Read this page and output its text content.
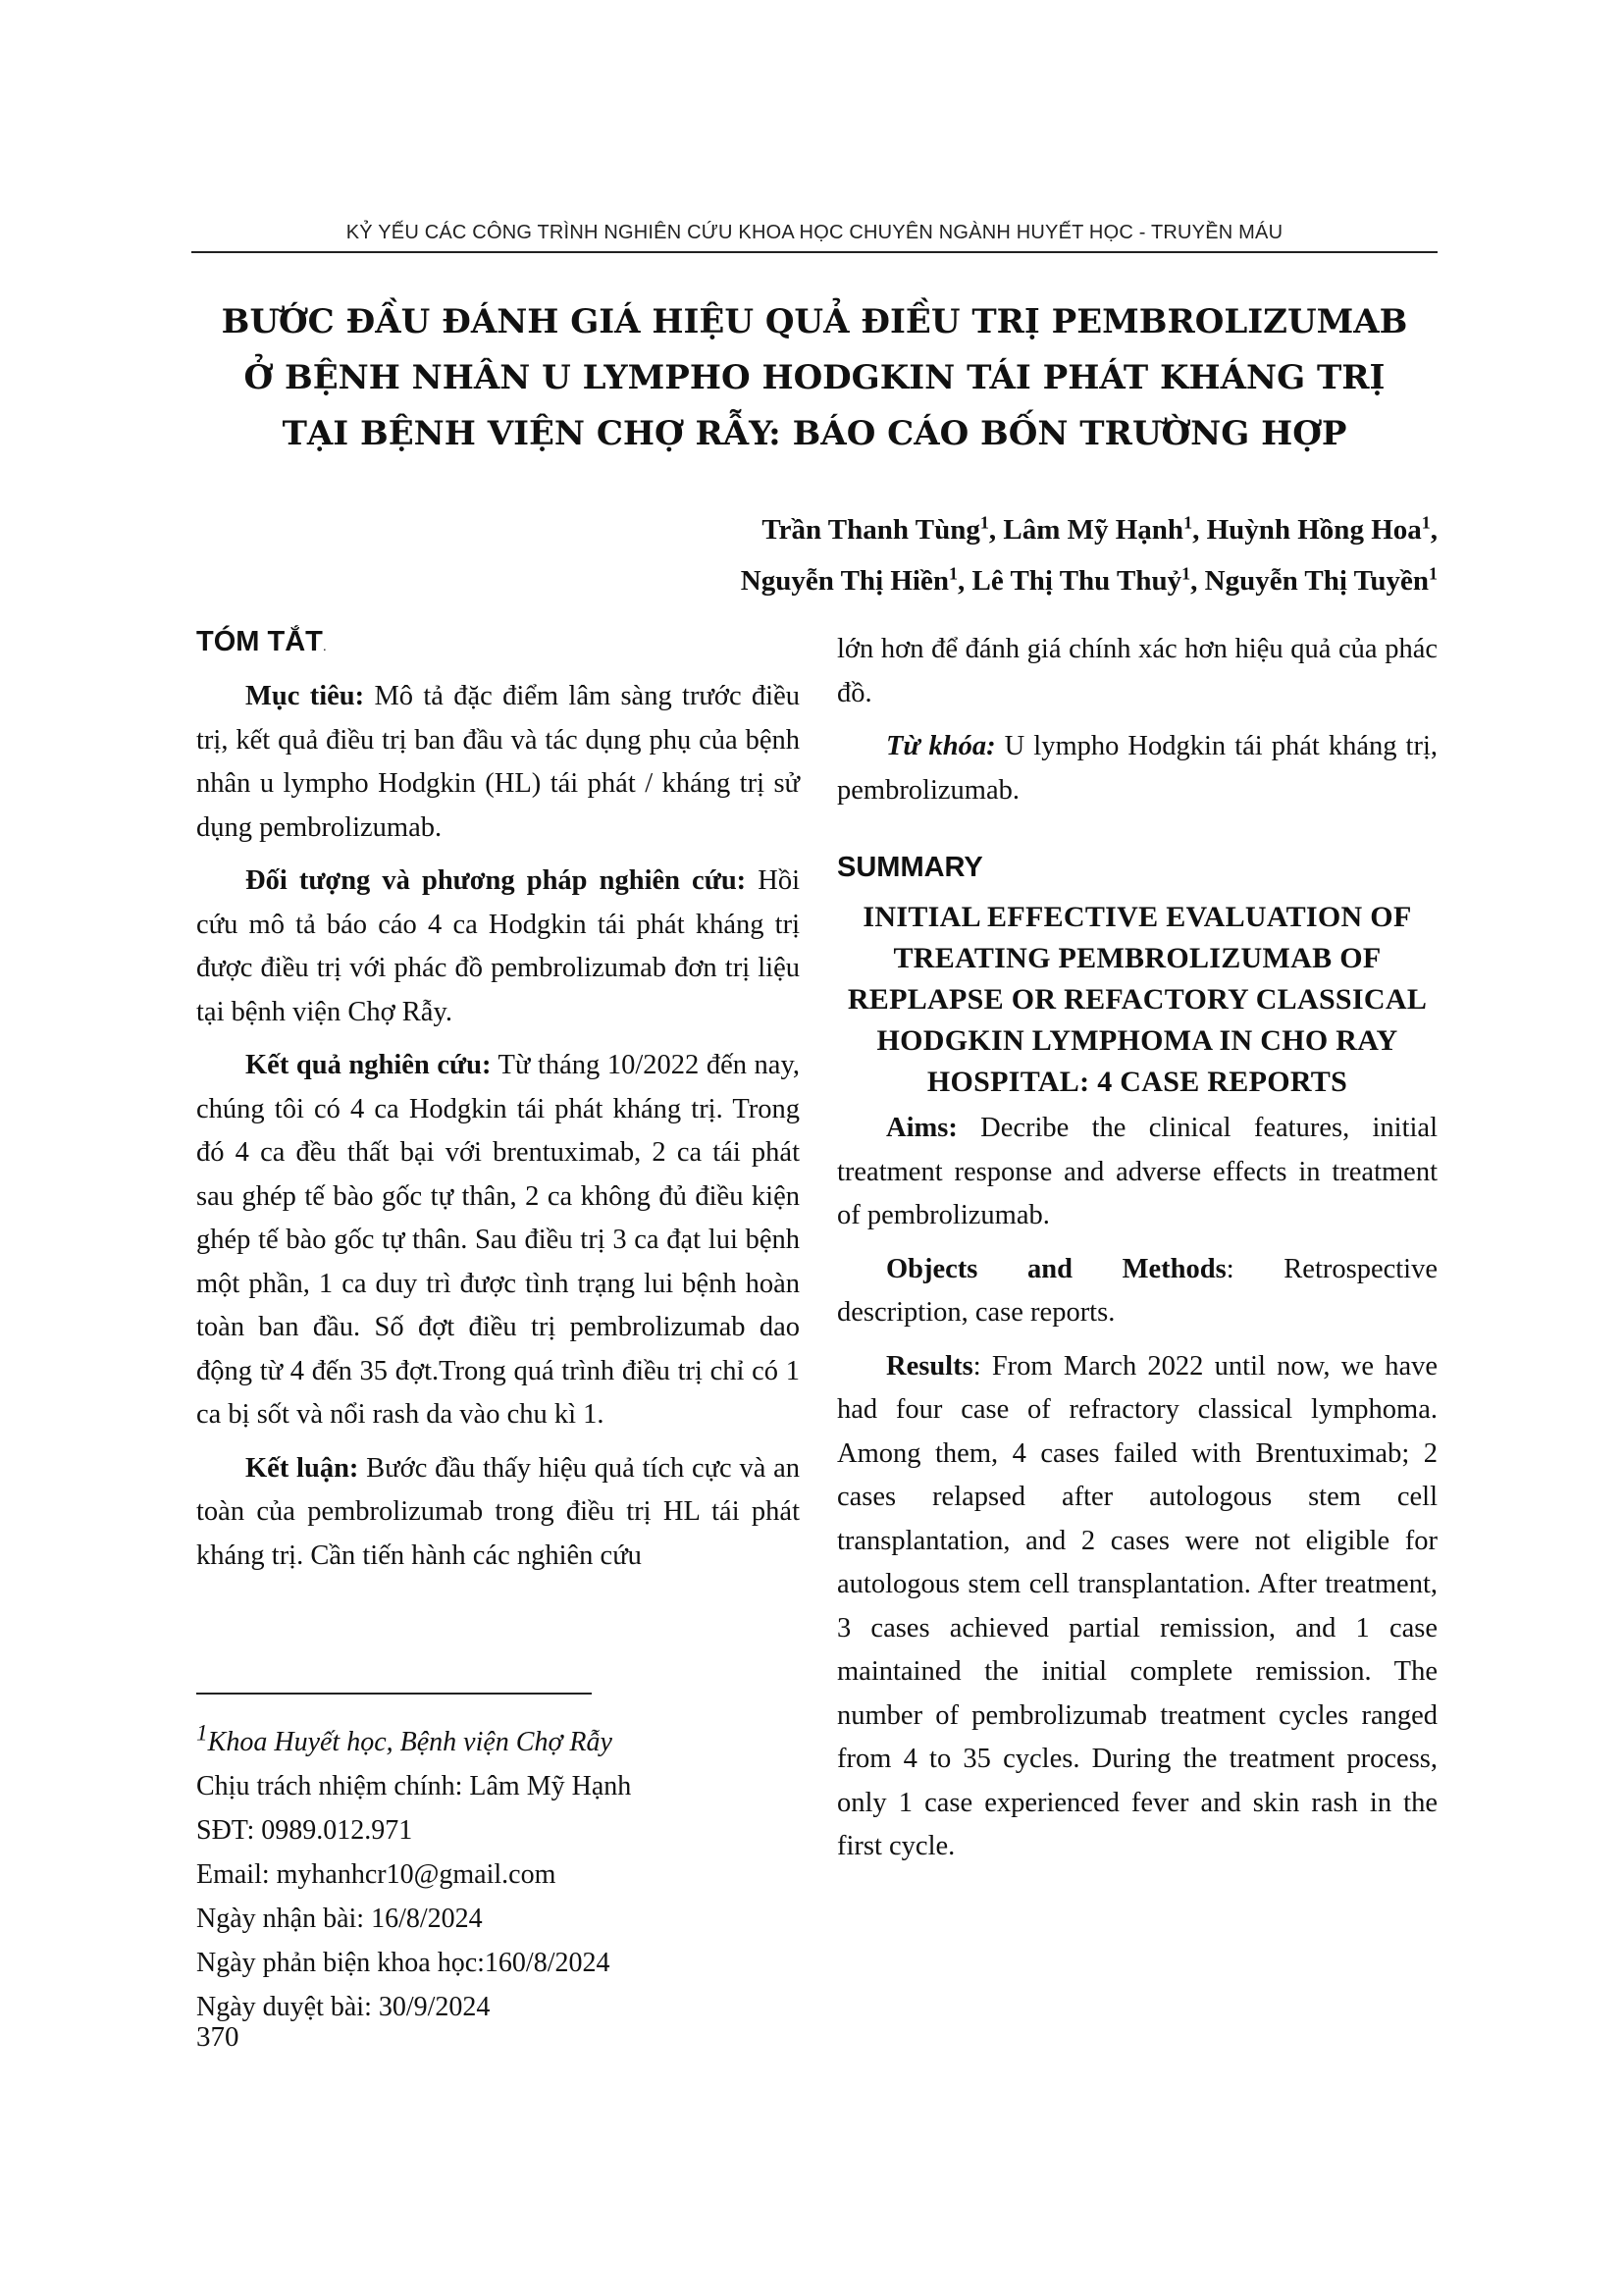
KỶ YẾU CÁC CÔNG TRÌNH NGHIÊN CỨU KHOA HỌC CHUYÊN NGÀNH HUYẾT HỌC - TRUYỀN MÁU
BƯỚC ĐẦU ĐÁNH GIÁ HIỆU QUẢ ĐIỀU TRỊ PEMBROLIZUMAB
Ở BỆNH NHÂN U LYMPHO HODGKIN TÁI PHÁT KHÁNG TRỊ
TẠI BỆNH VIỆN CHỢ RẪY: BÁO CÁO BỐN TRƯỜNG HỢP
Trần Thanh Tùng$^1$, Lâm Mỹ Hạnh$^1$, Huỳnh Hồng Hoa$^1$,
Nguyễn Thị Hiền$^1$, Lê Thị Thu Thuỷ$^1$, Nguyễn Thị Tuyền$^1$
TÓM TẮT.

Mục tiêu: Mô tả đặc điểm lâm sàng trước điều trị, kết quả điều trị ban đầu và tác dụng phụ của bệnh nhân u lympho Hodgkin (HL) tái phát / kháng trị sử dụng pembrolizumab.

Đối tượng và phương pháp nghiên cứu: Hồi cứu mô tả báo cáo 4 ca Hodgkin tái phát kháng trị được điều trị với phác đồ pembrolizumab đơn trị liệu tại bệnh viện Chợ Rẫy.

Kết quả nghiên cứu: Từ tháng 10/2022 đến nay, chúng tôi có 4 ca Hodgkin tái phát kháng trị. Trong đó 4 ca đều thất bại với brentuximab, 2 ca tái phát sau ghép tế bào gốc tự thân, 2 ca không đủ điều kiện ghép tế bào gốc tự thân. Sau điều trị 3 ca đạt lui bệnh một phần, 1 ca duy trì được tình trạng lui bệnh hoàn toàn ban đầu. Số đợt điều trị pembrolizumab dao động từ 4 đến 35 đợt.Trong quá trình điều trị chỉ có 1 ca bị sốt và nổi rash da vào chu kì 1.

Kết luận: Bước đầu thấy hiệu quả tích cực và an toàn của pembrolizumab trong điều trị HL tái phát kháng trị. Cần tiến hành các nghiên cứu

lớn hơn để đánh giá chính xác hơn hiệu quả của phác đồ.

Từ khóa: U lympho Hodgkin tái phát kháng trị, pembrolizumab.

SUMMARY
INITIAL EFFECTIVE EVALUATION OF TREATING PEMBROLIZUMAB OF REPLAPSE OR REFACTORY CLASSICAL HODGKIN LYMPHOMA IN CHO RAY HOSPITAL: 4 CASE REPORTS

Aims: Decribe the clinical features, initial treatment response and adverse effects in treatment of pembrolizumab.

Objects and Methods: Retrospective description, case reports.

Results: From March 2022 until now, we have had four case of refractory classical lymphoma. Among them, 4 cases failed with Brentuximab; 2 cases relapsed after autologous stem cell transplantation, and 2 cases were not eligible for autologous stem cell transplantation. After treatment, 3 cases achieved partial remission, and 1 case maintained the initial complete remission. The number of pembrolizumab treatment cycles ranged from 4 to 35 cycles. During the treatment process, only 1 case experienced fever and skin rash in the first cycle.

$^1$Khoa Huyết học, Bệnh viện Chợ Rẫy
Chịu trách nhiệm chính: Lâm Mỹ Hạnh
SĐT: 0989.012.971
Email: myhanhcr10@gmail.com
Ngày nhận bài: 16/8/2024
Ngày phản biện khoa học:160/8/2024
Ngày duyệt bài: 30/9/2024
370
